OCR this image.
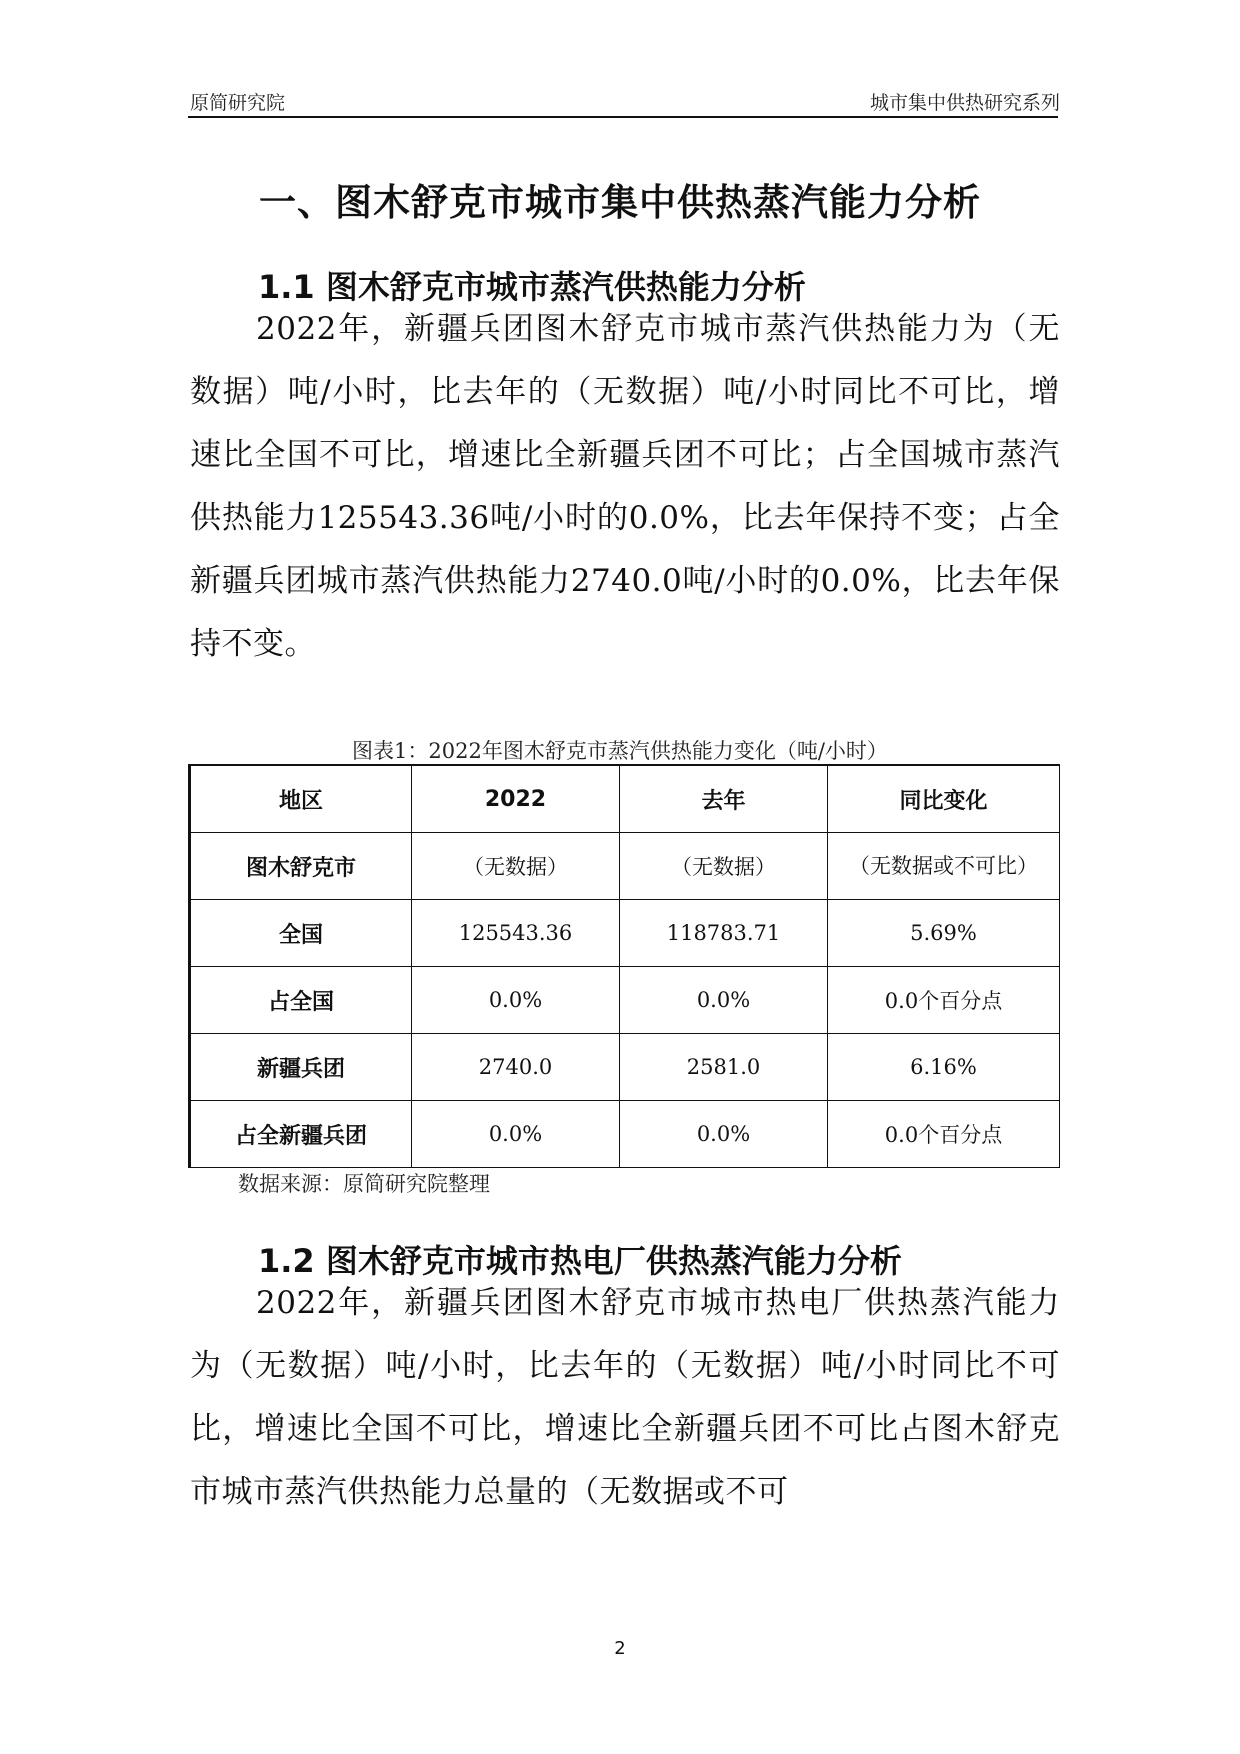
原简研究院	城市集中供热研究系列
一、图木舒克市城市集中供热蒸汽能力分析
1.1 图木舒克市城市蒸汽供热能力分析
2022年，新疆兵团图木舒克市城市蒸汽供热能力为（无数据）吨/小时，比去年的（无数据）吨/小时同比不可比，增速比全国不可比，增速比全新疆兵团不可比；占全国城市蒸汽供热能力125543.36吨/小时的0.0%，比去年保持不变；占全新疆兵团城市蒸汽供热能力2740.0吨/小时的0.0%，比去年保持不变。
图表1：2022年图木舒克市蒸汽供热能力变化（吨/小时）
地区	2022	去年	同比变化
图木舒克市	（无数据）	（无数据）	（无数据或不可比）
全国	125543.36	118783.71	5.69%
占全国	0.0%	0.0%	0.0个百分点
新疆兵团	2740.0	2581.0	6.16%
占全新疆兵团	0.0%	0.0%	0.0个百分点
数据来源：原简研究院整理
1.2 图木舒克市城市热电厂供热蒸汽能力分析
2022年，新疆兵团图木舒克市城市热电厂供热蒸汽能力为（无数据）吨/小时，比去年的（无数据）吨/小时同比不可比，增速比全国不可比，增速比全新疆兵团不可比占图木舒克市城市蒸汽供热能力总量的（无数据或不可
2
